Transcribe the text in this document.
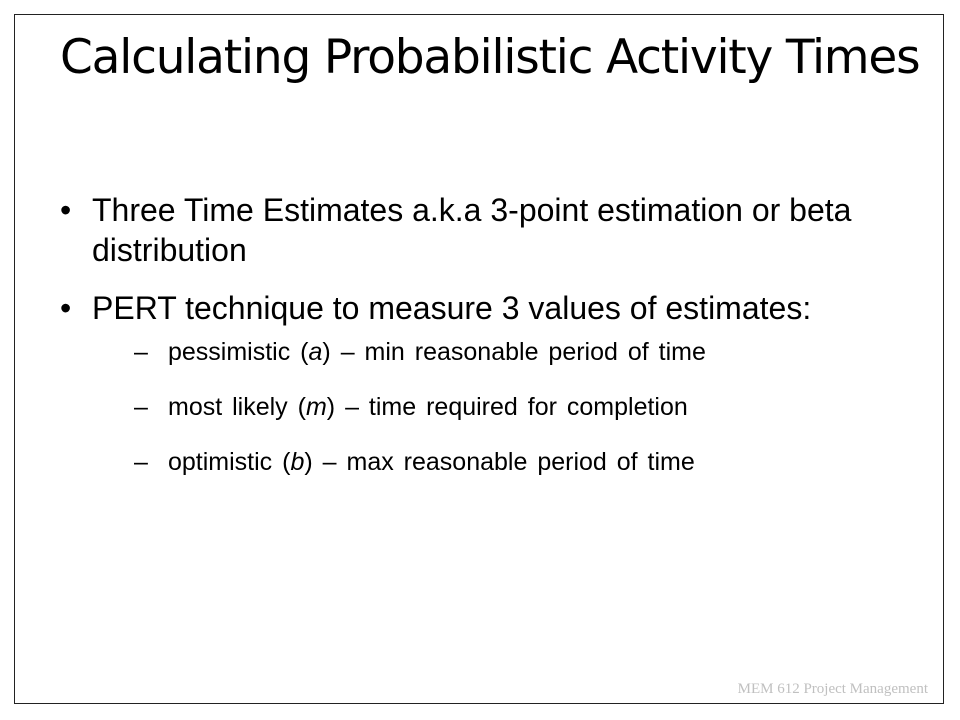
Calculating Probabilistic Activity Times
• Three Time Estimates a.k.a 3-point estimation or beta distribution
• PERT technique to measure 3 values of estimates:
– pessimistic (a) – min reasonable period of time
– most likely (m) – time required for completion
– optimistic (b) – max reasonable period of time
MEM 612 Project Management
